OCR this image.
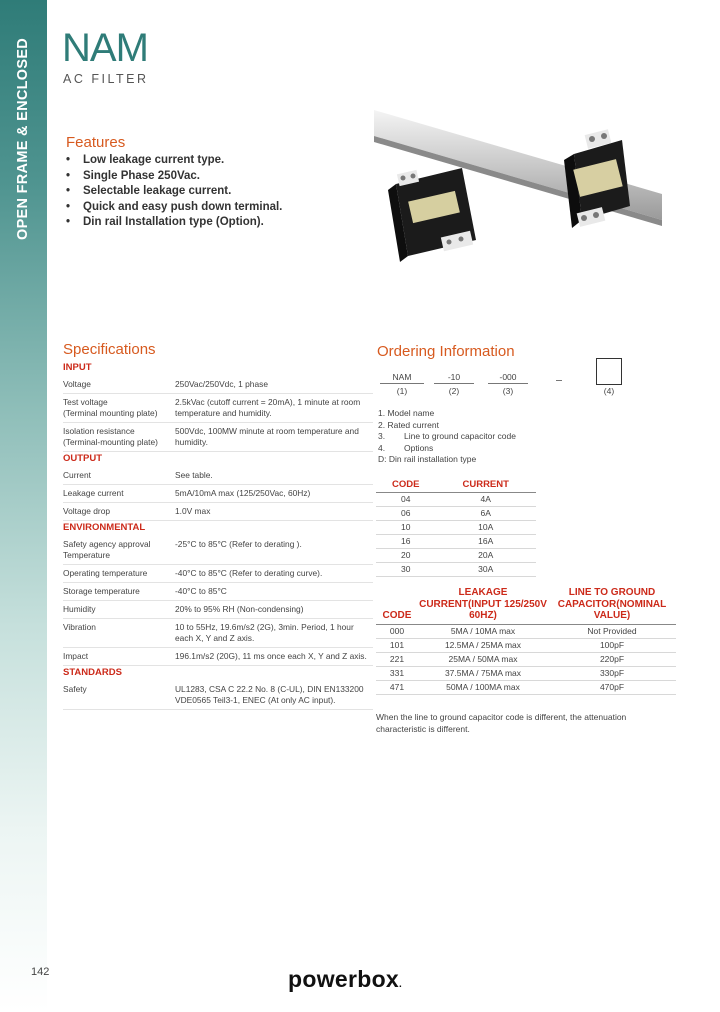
OPEN FRAME & ENCLOSED NAM
AC FILTER
Features
• Low leakage current type.
• Single Phase 250Vac.
• Selectable leakage current.
• Quick and easy push down terminal.
• Din rail Installation type (Option).
Specifications
INPUT
Voltage	250Vac/250Vdc, 1 phase
Test voltage
(Terminal mounting plate)
2.5kVac (cutoff current = 20mA), 1 minute at room temperature and humidity.
Isolation resistance
(Terminal-mounting plate)
500Vdc, 100MW minute at room temperature and humidity.
OUTPUT
Current	See table.
Leakage current	5mA/10mA max (125/250Vac, 60Hz)
Voltage drop	1.0V max
ENVIRONMENTAL
Safety agency approval
Temperature
-25°C to 85°C (Refer to derating ).
Operating temperature	-40°C to 85°C (Refer to derating curve).
Storage temperature	-40°C to 85°C
Humidity	20% to 95% RH (Non-condensing)
Vibration	10 to 55Hz, 19.6m/s2 (2G), 3min. Period, 1 hour each X, Y and Z axis.
Impact	196.1m/s2 (20G), 11 ms once each X, Y and Z axis.
STANDARDS
Safety	UL1283, CSA C 22.2 No. 8 (C-UL), DIN EN133200 VDE0565 Teil3-1, ENEC (At only AC input).
Ordering Information
NAM
(1)
-10
(2)
-000
(3)	(4)
1. Model name
2. Rated current
3.        Line to ground capacitor code
4.        Options
D: Din rail installation type
CODE	CURRENT
04	4A
06	6A
10	10A
16	16A
20	20A
30	30A
CODE	LEAKAGE CURRENT(INPUT 125/250V 60HZ)	LINE TO GROUND CAPACITOR(NOMINAL VALUE)
000	5MA / 10MA max	Not Provided
101	12.5MA / 25MA max	100pF
221	25MA / 50MA max	220pF
331	37.5MA / 75MA max	330pF
471	50MA / 100MA max	470pF
When the line to ground capacitor code is different, the attenuation characteristic is different.
142	powerbox.
